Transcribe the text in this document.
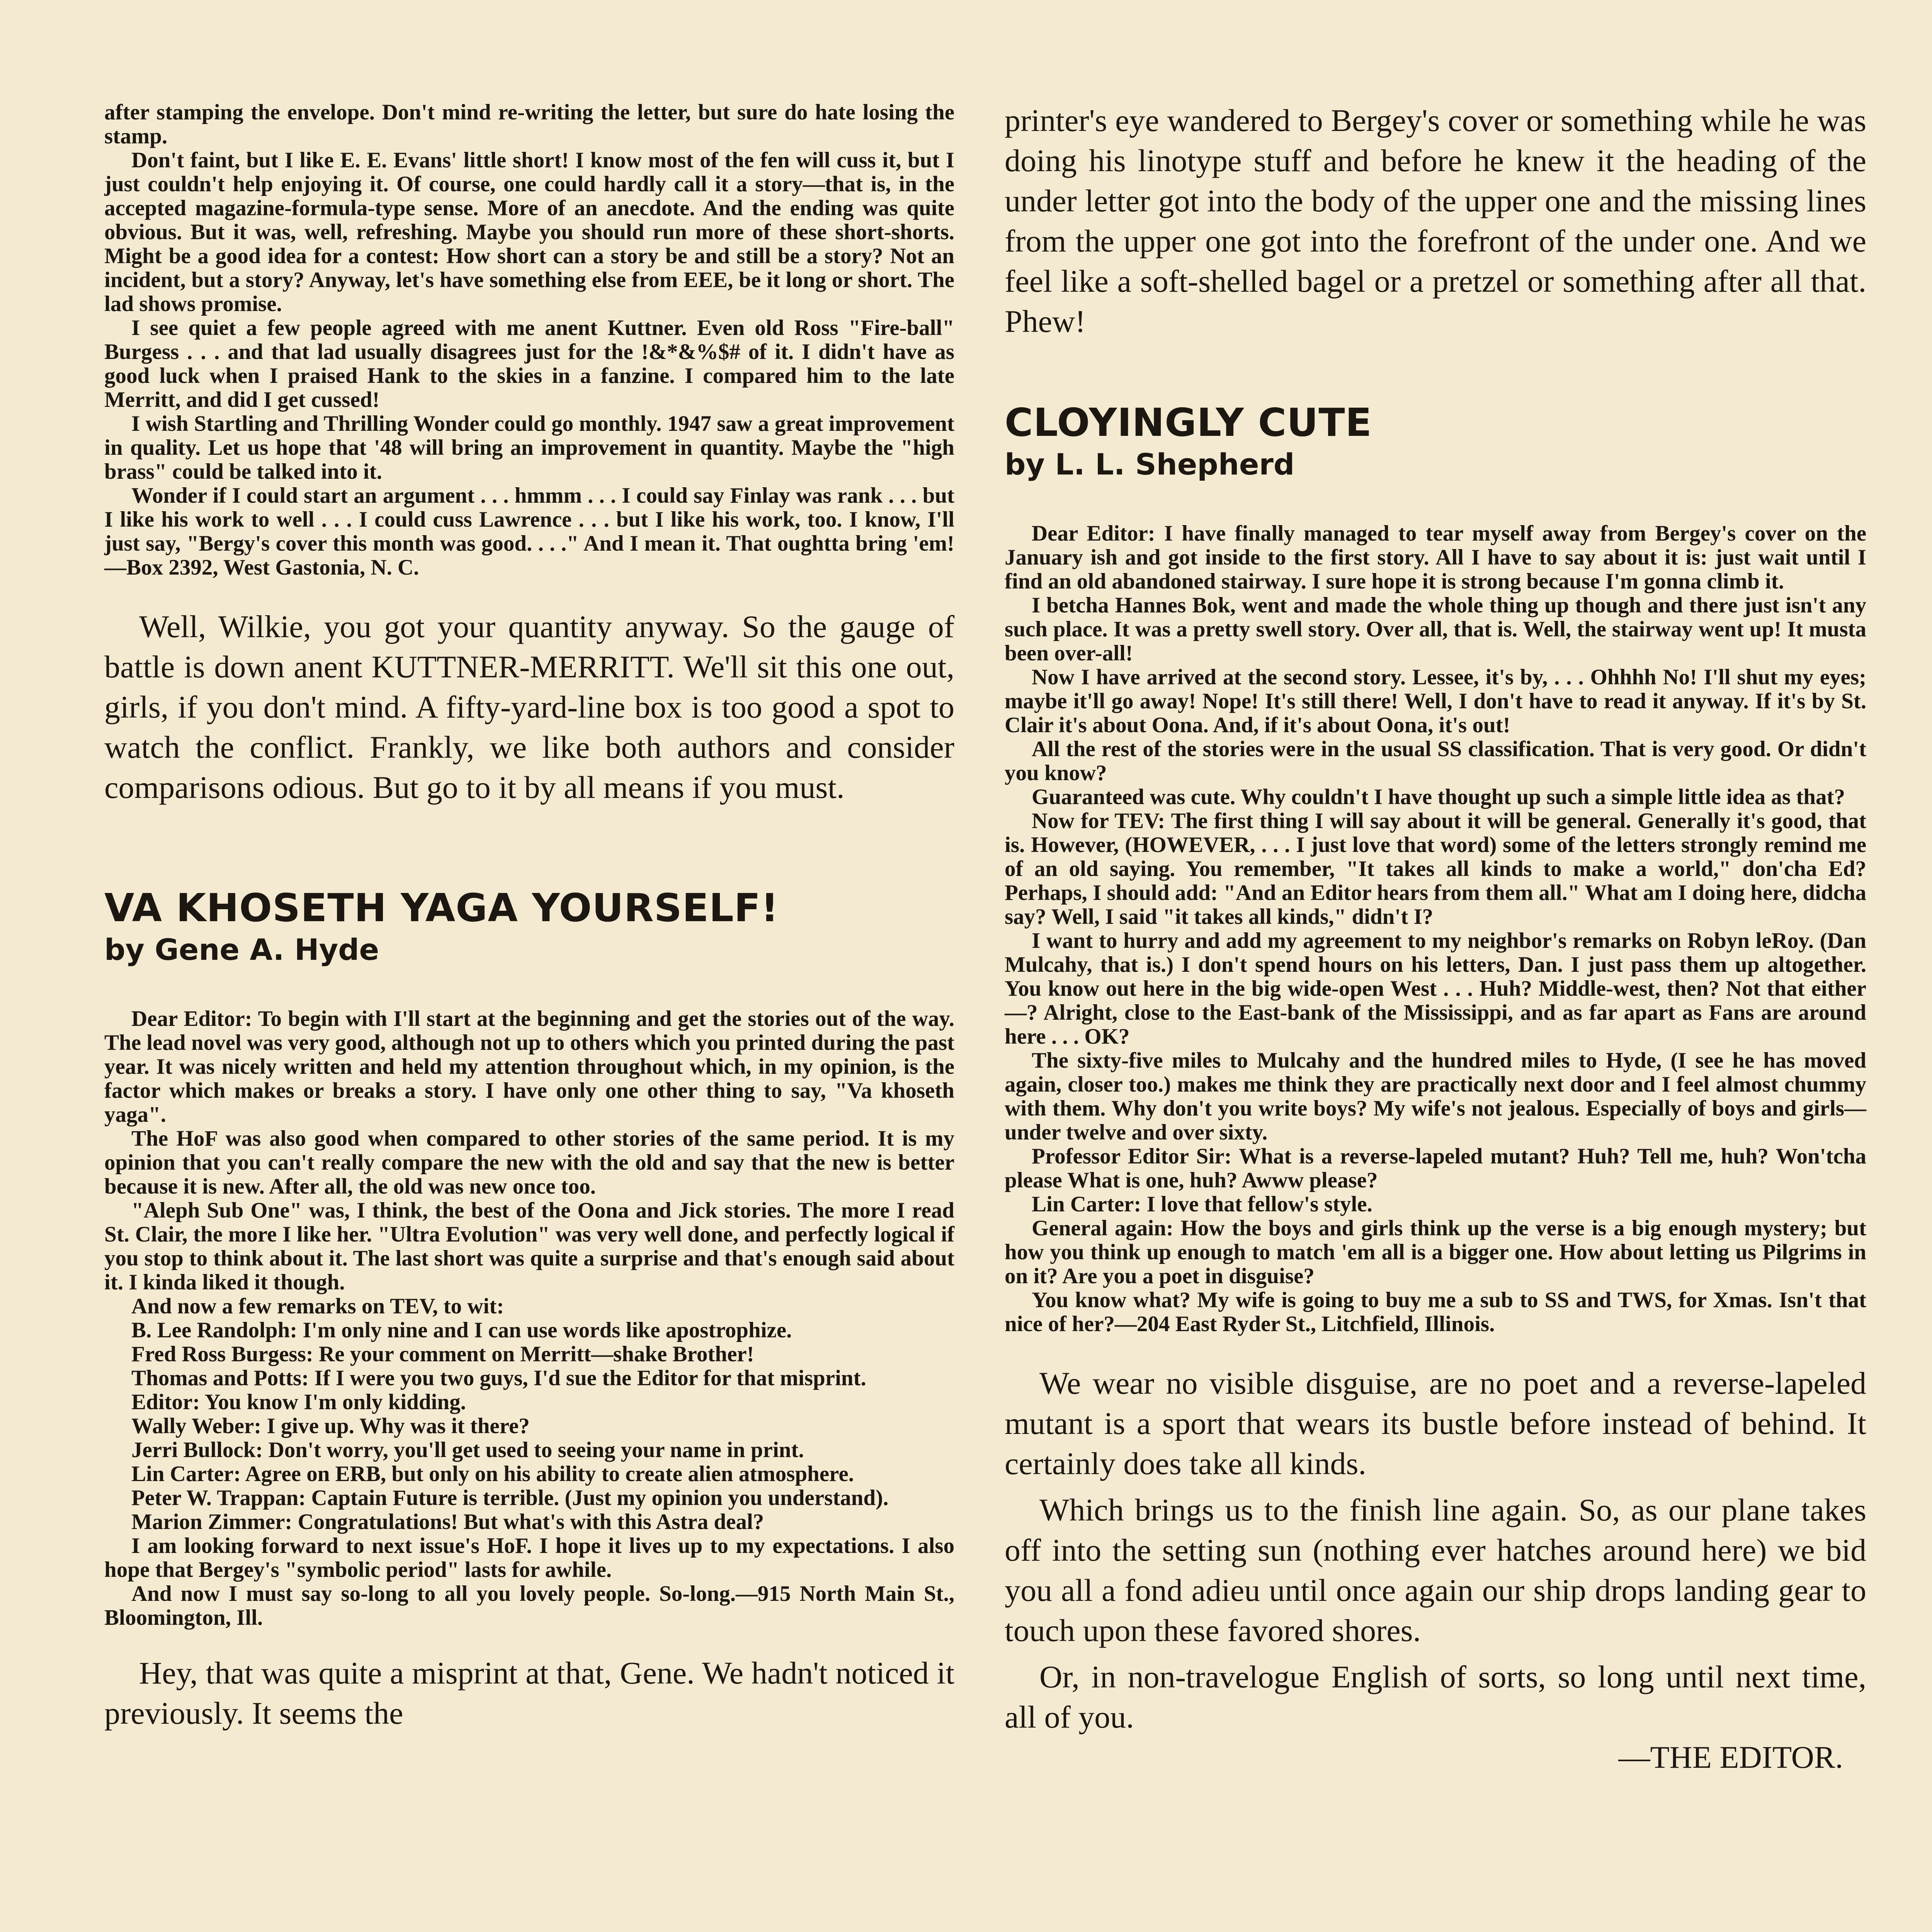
after stamping the envelope. Don't mind re-writing the letter, but sure do hate losing the stamp.

Don't faint, but I like E. E. Evans' little short! I know most of the fen will cuss it, but I just couldn't help enjoying it. Of course, one could hardly call it a story—that is, in the accepted magazine-formula-type sense. More of an anecdote. And the ending was quite obvious. But it was, well, refreshing. Maybe you should run more of these short-shorts. Might be a good idea for a contest: How short can a story be and still be a story? Not an incident, but a story? Anyway, let's have something else from EEE, be it long or short. The lad shows promise.

I see quiet a few people agreed with me anent Kuttner. Even old Ross "Fire-ball" Burgess . . . and that lad usually disagrees just for the !&*&%$# of it. I didn't have as good luck when I praised Hank to the skies in a fanzine. I compared him to the late Merritt, and did I get cussed!

I wish Startling and Thrilling Wonder could go monthly. 1947 saw a great improvement in quality. Let us hope that '48 will bring an improvement in quantity. Maybe the "high brass" could be talked into it.

Wonder if I could start an argument . . . hmmm . . . I could say Finlay was rank . . . but I like his work to well . . . I could cuss Lawrence . . . but I like his work, too. I know, I'll just say, "Bergy's cover this month was good. . . ." And I mean it. That oughtta bring 'em!—Box 2392, West Gastonia, N. C.

Well, Wilkie, you got your quantity anyway. So the gauge of battle is down anent KUTTNER-MERRITT. We'll sit this one out, girls, if you don't mind. A fifty-yard-line box is too good a spot to watch the conflict. Frankly, we like both authors and consider comparisons odious. But go to it by all means if you must.

VA KHOSETH YAGA YOURSELF!
by Gene A. Hyde

Dear Editor: To begin with I'll start at the beginning and get the stories out of the way. The lead novel was very good, although not up to others which you printed during the past year. It was nicely written and held my attention throughout which, in my opinion, is the factor which makes or breaks a story. I have only one other thing to say, "Va khoseth yaga".

The HoF was also good when compared to other stories of the same period. It is my opinion that you can't really compare the new with the old and say that the new is better because it is new. After all, the old was new once too.

"Aleph Sub One" was, I think, the best of the Oona and Jick stories. The more I read St. Clair, the more I like her. "Ultra Evolution" was very well done, and perfectly logical if you stop to think about it. The last short was quite a surprise and that's enough said about it. I kinda liked it though.

And now a few remarks on TEV, to wit:

B. Lee Randolph: I'm only nine and I can use words like apostrophize.

Fred Ross Burgess: Re your comment on Merritt—shake Brother!

Thomas and Potts: If I were you two guys, I'd sue the Editor for that misprint.

Editor: You know I'm only kidding.

Wally Weber: I give up. Why was it there?

Jerri Bullock: Don't worry, you'll get used to seeing your name in print.

Lin Carter: Agree on ERB, but only on his ability to create alien atmosphere.

Peter W. Trappan: Captain Future is terrible. (Just my opinion you understand).

Marion Zimmer: Congratulations! But what's with this Astra deal?

I am looking forward to next issue's HoF. I hope it lives up to my expectations. I also hope that Bergey's "symbolic period" lasts for awhile.

And now I must say so-long to all you lovely people. So-long.—915 North Main St., Bloomington, Ill.

Hey, that was quite a misprint at that, Gene. We hadn't noticed it previously. It seems the

printer's eye wandered to Bergey's cover or something while he was doing his linotype stuff and before he knew it the heading of the under letter got into the body of the upper one and the missing lines from the upper one got into the forefront of the under one. And we feel like a soft-shelled bagel or a pretzel or something after all that. Phew!

CLOYINGLY CUTE
by L. L. Shepherd

Dear Editor: I have finally managed to tear myself away from Bergey's cover on the January ish and got inside to the first story. All I have to say about it is: just wait until I find an old abandoned stairway. I sure hope it is strong because I'm gonna climb it.

I betcha Hannes Bok, went and made the whole thing up though and there just isn't any such place. It was a pretty swell story. Over all, that is. Well, the stairway went up! It musta been over-all!

Now I have arrived at the second story. Lessee, it's by, . . . Ohhhh No! I'll shut my eyes; maybe it'll go away! Nope! It's still there! Well, I don't have to read it anyway. If it's by St. Clair it's about Oona. And, if it's about Oona, it's out!

All the rest of the stories were in the usual SS classification. That is very good. Or didn't you know?

Guaranteed was cute. Why couldn't I have thought up such a simple little idea as that?

Now for TEV: The first thing I will say about it will be general. Generally it's good, that is. However, (HOWEVER, . . . I just love that word) some of the letters strongly remind me of an old saying. You remember, "It takes all kinds to make a world," don'cha Ed? Perhaps, I should add: "And an Editor hears from them all." What am I doing here, didcha say? Well, I said "it takes all kinds," didn't I?

I want to hurry and add my agreement to my neighbor's remarks on Robyn leRoy. (Dan Mulcahy, that is.) I don't spend hours on his letters, Dan. I just pass them up altogether. You know out here in the big wide-open West . . . Huh? Middle-west, then? Not that either—? Alright, close to the East-bank of the Mississippi, and as far apart as Fans are around here . . . OK?

The sixty-five miles to Mulcahy and the hundred miles to Hyde, (I see he has moved again, closer too.) makes me think they are practically next door and I feel almost chummy with them. Why don't you write boys? My wife's not jealous. Especially of boys and girls—under twelve and over sixty.

Professor Editor Sir: What is a reverse-lapeled mutant? Huh? Tell me, huh? Won'tcha please What is one, huh? Awww please?

Lin Carter: I love that fellow's style.

General again: How the boys and girls think up the verse is a big enough mystery; but how you think up enough to match 'em all is a bigger one. How about letting us Pilgrims in on it? Are you a poet in disguise?

You know what? My wife is going to buy me a sub to SS and TWS, for Xmas. Isn't that nice of her?—204 East Ryder St., Litchfield, Illinois.

We wear no visible disguise, are no poet and a reverse-lapeled mutant is a sport that wears its bustle before instead of behind. It certainly does take all kinds.

Which brings us to the finish line again. So, as our plane takes off into the setting sun (nothing ever hatches around here) we bid you all a fond adieu until once again our ship drops landing gear to touch upon these favored shores.

Or, in non-travelogue English of sorts, so long until next time, all of you.

—THE EDITOR.
